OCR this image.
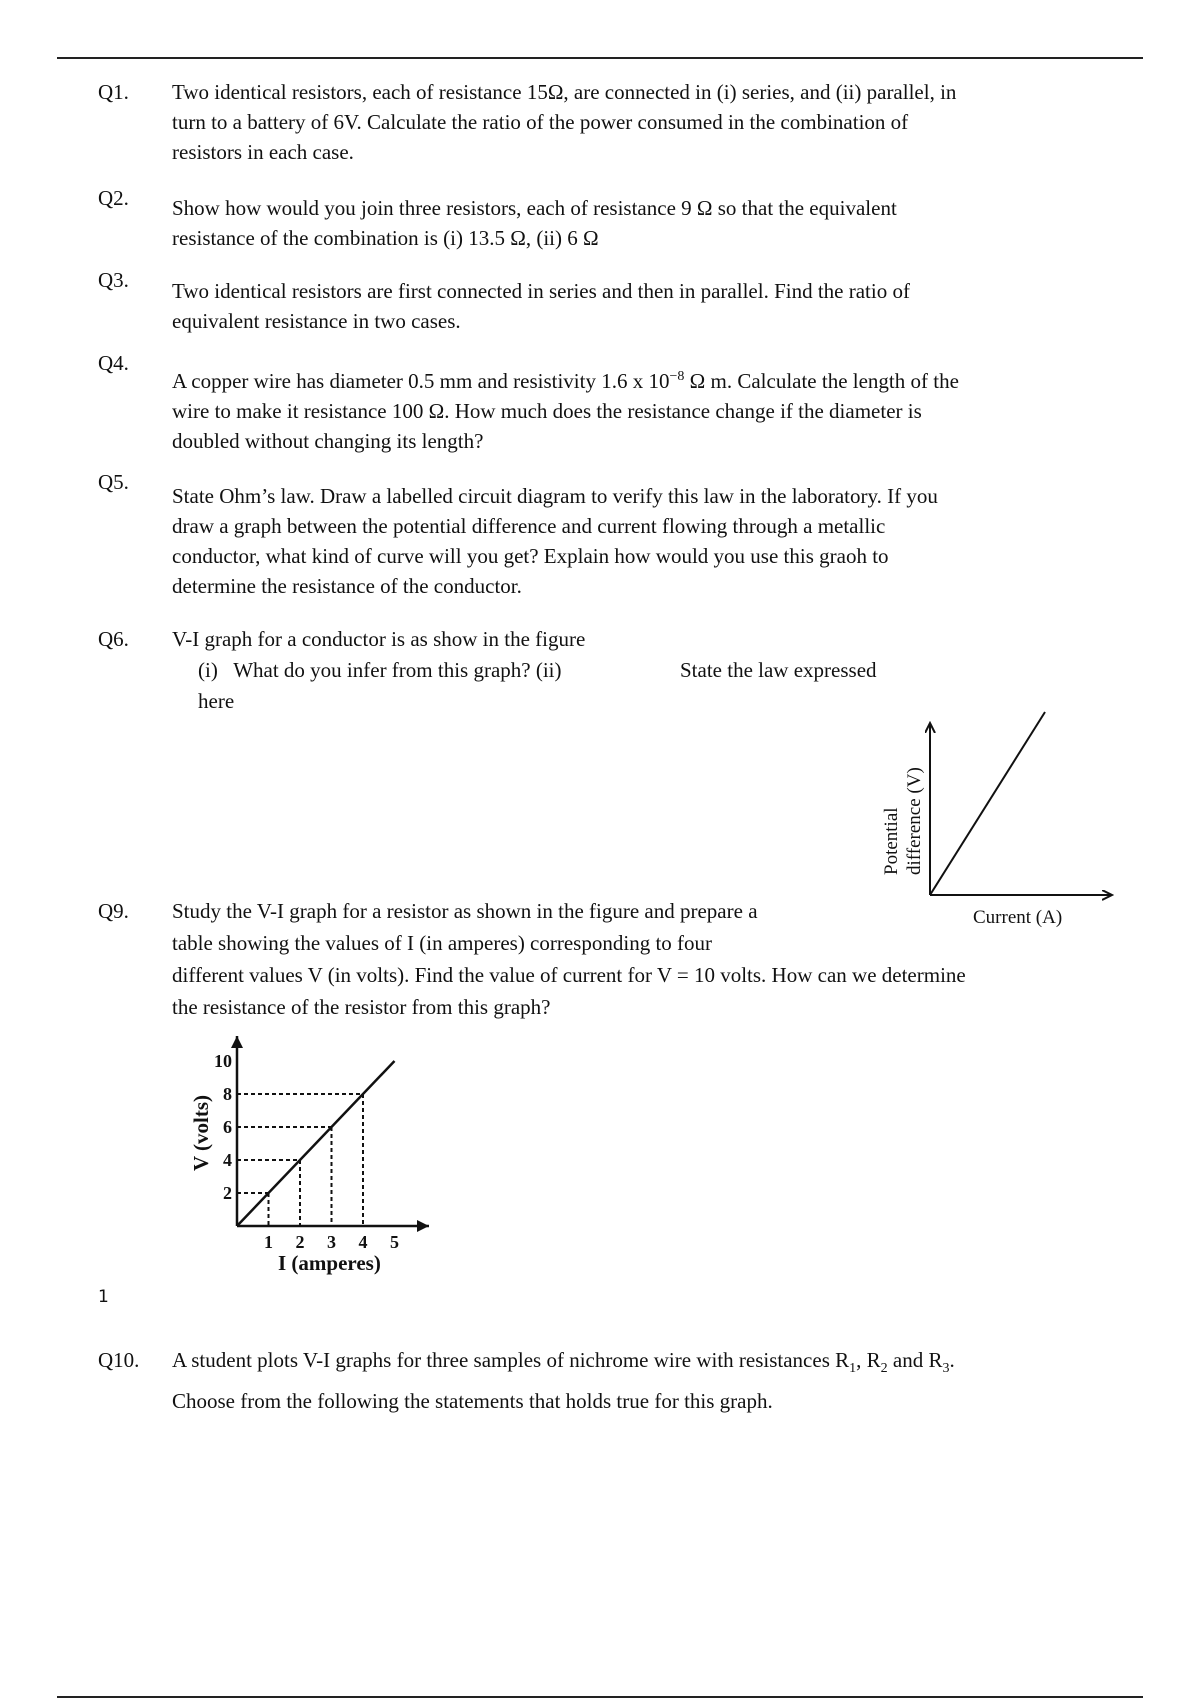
Q1. Two identical resistors, each of resistance 15Ω, are connected in (i) series, and (ii) parallel, in

turn to a battery of 6V. Calculate the ratio of the power consumed in the combination of

resistors in each case.

Q2. Show how would you join three resistors, each of resistance 9 Ω so that the equivalent

resistance of the combination is (i) 13.5 Ω, (ii) 6 Ω

Q3. Two identical resistors are first connected in series and then in parallel. Find the ratio of

equivalent resistance in two cases.

Q4.

A copper wire has diameter 0.5 mm and resistivity 1.6 x $10^{-8}$ Ω m. Calculate the length of the

wire to make it resistance 100 Ω. How much does the resistance change if the diameter is

doubled without changing its length?

Q5.

State Ohm’s law. Draw a labelled circuit diagram to verify this law in the laboratory. If you

draw a graph between the potential difference and current flowing through a metallic

conductor, what kind of curve will you get? Explain how would you use this graoh to

determine the resistance of the conductor.

Q6. V-I graph for a conductor is as show in the figure
(i)   What do you infer from this graph? (ii)	State the law expressed
here
Potential difference (V)
Current (A)
Q9. Study the V-I graph for a resistor as shown in the figure and prepare a

table showing the values of I (in amperes) corresponding to four

different values V (in volts). Find the value of current for V = 10 volts. How can we determine

the resistance of the resistor from this graph?

2
4
6
8
10
1 2 3 4 5
V (volts)
I (amperes)
1
Q10. A student plots V-I graphs for three samples of nichrome wire with resistances $R_1$, $R_2$ and $R_3$.

Choose from the following the statements that holds true for this graph.
